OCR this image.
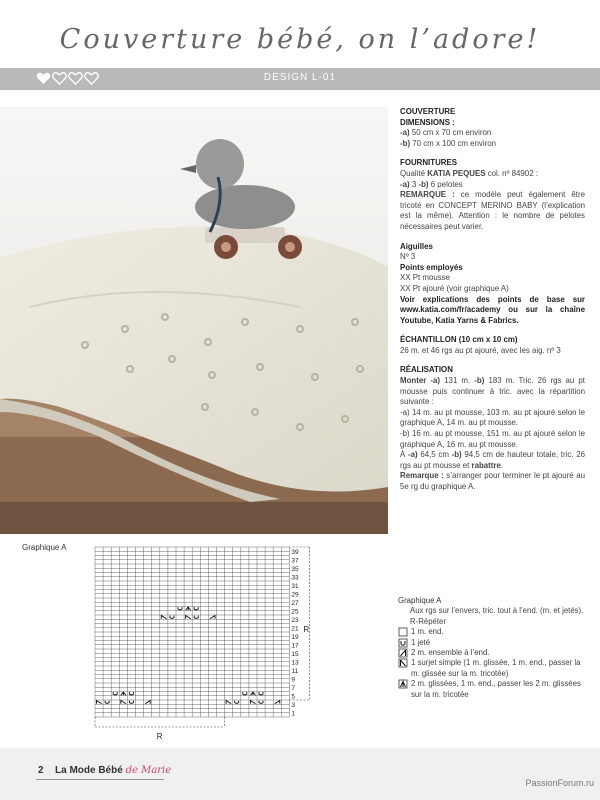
Couverture bébé, on l’adore!
DESIGN L-01
COUVERTURE
DIMENSIONS :
-a) 50 cm x 70 cm environ
-b) 70 cm x 100 cm environ
FOURNITURES
Qualité KATIA PEQUES col. nº 84902 :
-a) 3 -b) 6 pelotes

REMARQUE : ce modèle peut également être tricoté en CONCEPT MERINO BABY (l’explication est la même). Attention : le nombre de pelotes nécessaires peut varier.

Aiguilles
Nº 3
Points employés
XX Pt mousse
XX Pt ajouré (voir graphique A)

Voir explications des points de base sur www.katia.com/fr/academy ou sur la chaîne Youtube, Katia Yarns & Fabrics.

ÉCHANTILLON (10 cm x 10 cm)

26 m. et 46 rgs au pt ajouré, avec les aig. nº 3

RÉALISATION

Monter -a) 131 m. -b) 183 m. Tric. 26 rgs au pt mousse puis continuer à tric. avec la répartition suivante :

-a) 14 m. au pt mousse, 103 m. au pt ajouré selon le graphique A, 14 m. au pt mousse.

-b) 16 m. au pt mousse, 151 m. au pt ajouré selon le graphique A, 16 m. au pt mousse.

À -a) 64,5 cm -b) 94,5 cm de hauteur totale, tric. 26 rgs au pt mousse et rabattre.

Remarque : s’arranger pour terminer le pt ajouré au 5e rg du graphique A.

Graphique A
39
37
35
33
31
29
27
25
23
21
19
17
15
13
11
9
7
5
3
1
R
R
Graphique A
Aux rgs sur l’envers, tric. tout à l’end. (m. et jetés).
R-Répéter
1 m. end.
1 jeté
2 m. ensemble à l’end.
1 surjet simple (1 m. glissée, 1 m. end., passer la m. glissée sur la m. tricotée)
2 m. glissées, 1 m. end., passer les 2 m. glissées sur la m. tricotée
2 La Mode Bébé de Marie
PassionForum.ru
